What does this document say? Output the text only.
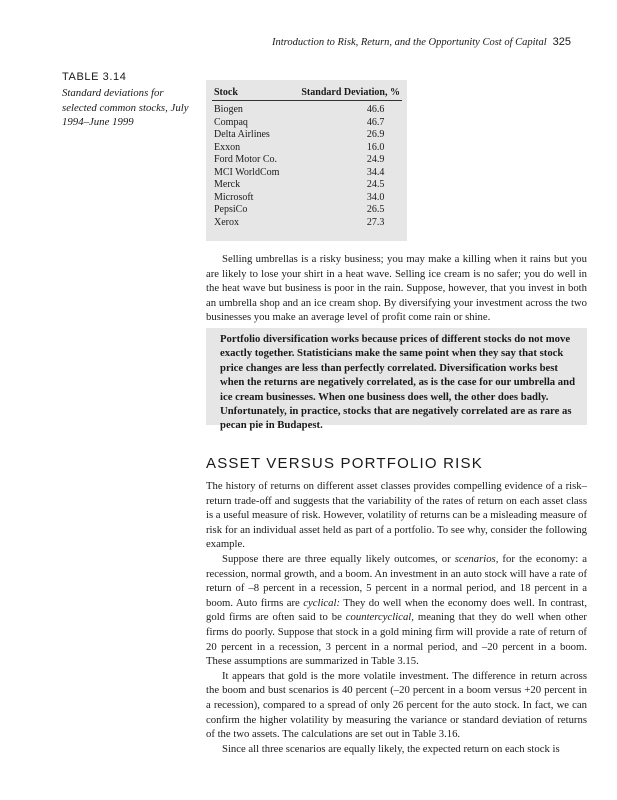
Introduction to Risk, Return, and the Opportunity Cost of Capital 325
TABLE 3.14
Standard deviations for selected common stocks, July 1994–June 1999
Stock	Standard Deviation, %
Biogen	46.6
Compaq	46.7
Delta Airlines	26.9
Exxon	16.0
Ford Motor Co.	24.9
MCI WorldCom	34.4
Merck	24.5
Microsoft	34.0
PepsiCo	26.5
Xerox	27.3

Selling umbrellas is a risky business; you may make a killing when it rains but you are likely to lose your shirt in a heat wave. Selling ice cream is no safer; you do well in the heat wave but business is poor in the rain. Suppose, however, that you invest in both an umbrella shop and an ice cream shop. By diversifying your investment across the two businesses you make an average level of profit come rain or shine.

Portfolio diversification works because prices of different stocks do not move exactly together. Statisticians make the same point when they say that stock price changes are less than perfectly correlated. Diversification works best when the returns are negatively correlated, as is the case for our umbrella and ice cream businesses. When one business does well, the other does badly. Unfortunately, in practice, stocks that are negatively correlated are as rare as pecan pie in Budapest.

ASSET VERSUS PORTFOLIO RISK

The history of returns on different asset classes provides compelling evidence of a risk–return trade-off and suggests that the variability of the rates of return on each asset class is a useful measure of risk. However, volatility of returns can be a misleading measure of risk for an individual asset held as part of a portfolio. To see why, consider the following example.

Suppose there are three equally likely outcomes, or scenarios, for the economy: a recession, normal growth, and a boom. An investment in an auto stock will have a rate of return of –8 percent in a recession, 5 percent in a normal period, and 18 percent in a boom. Auto firms are cyclical: They do well when the economy does well. In contrast, gold firms are often said to be countercyclical, meaning that they do well when other firms do poorly. Suppose that stock in a gold mining firm will provide a rate of return of 20 percent in a recession, 3 percent in a normal period, and –20 percent in a boom. These assumptions are summarized in Table 3.15.

It appears that gold is the more volatile investment. The difference in return across the boom and bust scenarios is 40 percent (–20 percent in a boom versus +20 percent in a recession), compared to a spread of only 26 percent for the auto stock. In fact, we can confirm the higher volatility by measuring the variance or standard deviation of returns of the two assets. The calculations are set out in Table 3.16.

Since all three scenarios are equally likely, the expected return on each stock is
